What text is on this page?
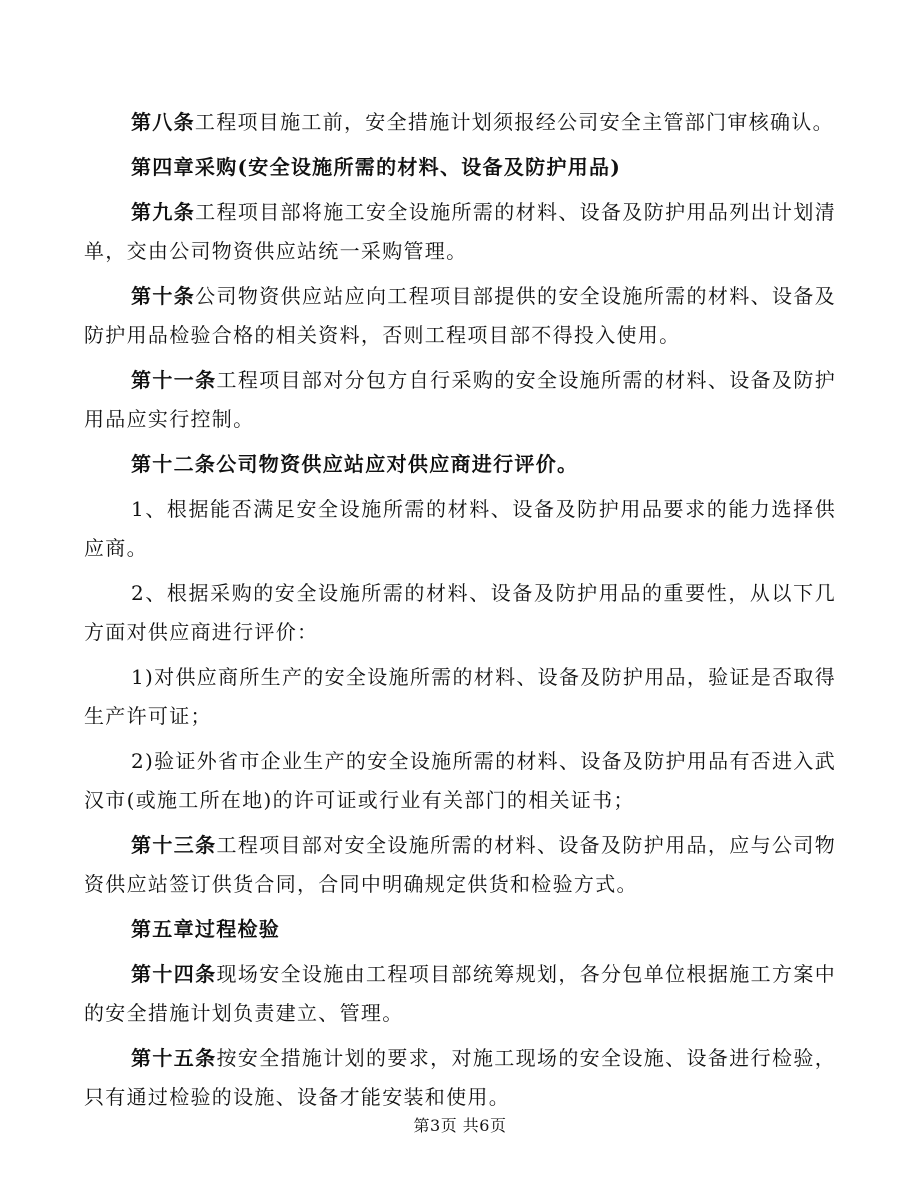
第八条工程项目施工前，安全措施计划须报经公司安全主管部门审核确认。

第四章采购(安全设施所需的材料、设备及防护用品)

第九条工程项目部将施工安全设施所需的材料、设备及防护用品列出计划清单，交由公司物资供应站统一采购管理。

第十条公司物资供应站应向工程项目部提供的安全设施所需的材料、设备及防护用品检验合格的相关资料，否则工程项目部不得投入使用。

第十一条工程项目部对分包方自行采购的安全设施所需的材料、设备及防护用品应实行控制。

第十二条公司物资供应站应对供应商进行评价。

1、根据能否满足安全设施所需的材料、设备及防护用品要求的能力选择供应商。

2、根据采购的安全设施所需的材料、设备及防护用品的重要性，从以下几方面对供应商进行评价：

1)对供应商所生产的安全设施所需的材料、设备及防护用品，验证是否取得生产许可证；

2)验证外省市企业生产的安全设施所需的材料、设备及防护用品有否进入武汉市(或施工所在地)的许可证或行业有关部门的相关证书；

第十三条工程项目部对安全设施所需的材料、设备及防护用品，应与公司物资供应站签订供货合同，合同中明确规定供货和检验方式。

第五章过程检验

第十四条现场安全设施由工程项目部统筹规划，各分包单位根据施工方案中的安全措施计划负责建立、管理。

第十五条按安全措施计划的要求，对施工现场的安全设施、设备进行检验，只有通过检验的设施、设备才能安装和使用。

第3页 共6页
